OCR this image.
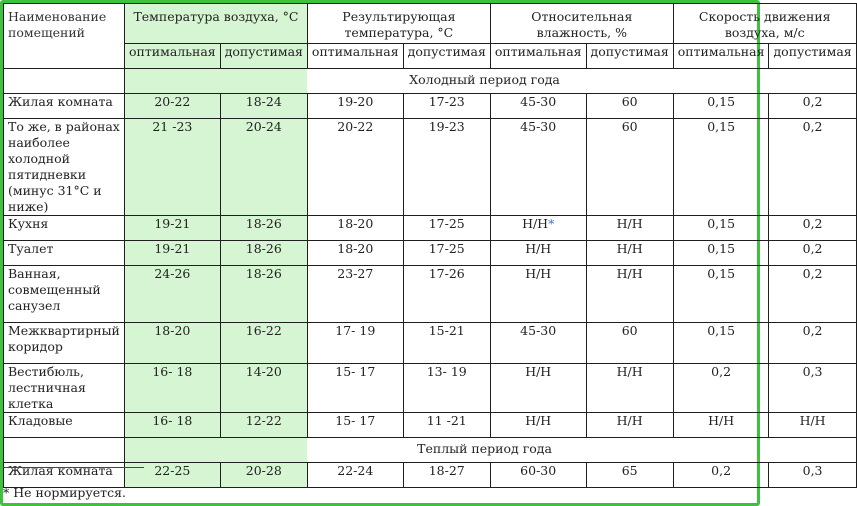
Наименование помещений	Температура воздуха, °C		Результирующая температура, °C		Относительная влажность, %		Скорость движения воздуха, м/с	
	оптимальная	допустимая	оптимальная	допустимая	оптимальная	допустимая	оптимальная	допустимая
			Холодный период года					
Жилая комната	20-22	18-24	19-20	17-23	45-30	60	0,15	0,2
То же, в районах наиболее холодной пятидневки (минус 31°С и ниже)	21 -23	20-24	20-22	19-23	45-30	60	0,15	0,2
Кухня	19-21	18-26	18-20	17-25	Н/Н*	Н/Н	0,15	0,2
Туалет	19-21	18-26	18-20	17-25	Н/Н	Н/Н	0,15	0,2
Ванная, совмещенный санузел	24-26	18-26	23-27	17-26	Н/Н	Н/Н	0,15	0,2
Межквартирный коридор	18-20	16-22	17- 19	15-21	45-30	60	0,15	0,2
Вестибюль, лестничная клетка	16- 18	14-20	15- 17	13- 19	Н/Н	Н/Н	0,2	0,3
Кладовые	16- 18	12-22	15- 17	11 -21	Н/Н	Н/Н	Н/Н	Н/Н
			Теплый период года					
Жилая комната	22-25	20-28	22-24	18-27	60-30	65	0,2	0,3
* Не нормируется.
